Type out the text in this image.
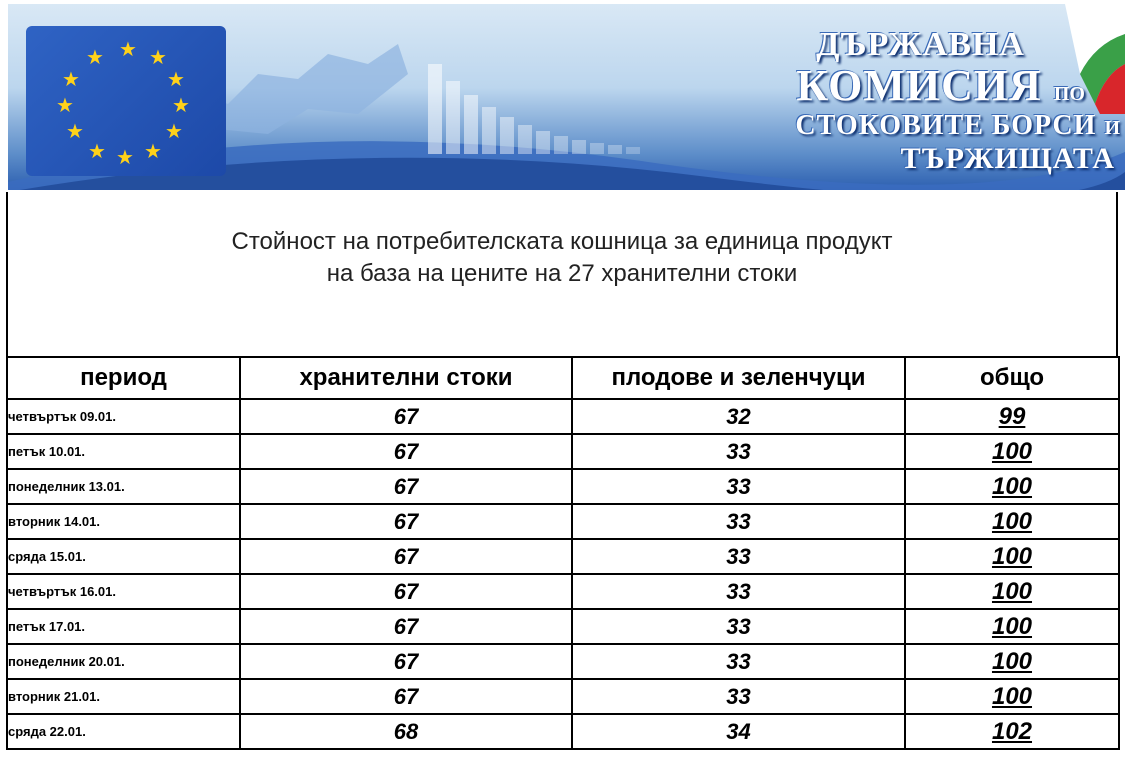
★ ★
★
★
★
★
★
★
★
★
★
★	ДЪРЖАВНА

КОМИСИЯ ПО

СТОКОВИТЕ БОРСИ И

ТЪРЖИЩАТА

Стойност на потребителската кошница за единица продукт

на база на цените на 27 хранителни стоки

период	хранителни стоки	плодове и зеленчуци	общо
четвъртък 09.01.	67	32	99
петък 10.01.	67	33	100
понеделник 13.01.	67	33	100
вторник 14.01.	67	33	100
сряда 15.01.	67	33	100
четвъртък 16.01.	67	33	100
петък 17.01.	67	33	100
понеделник 20.01.	67	33	100
вторник 21.01.	67	33	100
сряда 22.01.	68	34	102
